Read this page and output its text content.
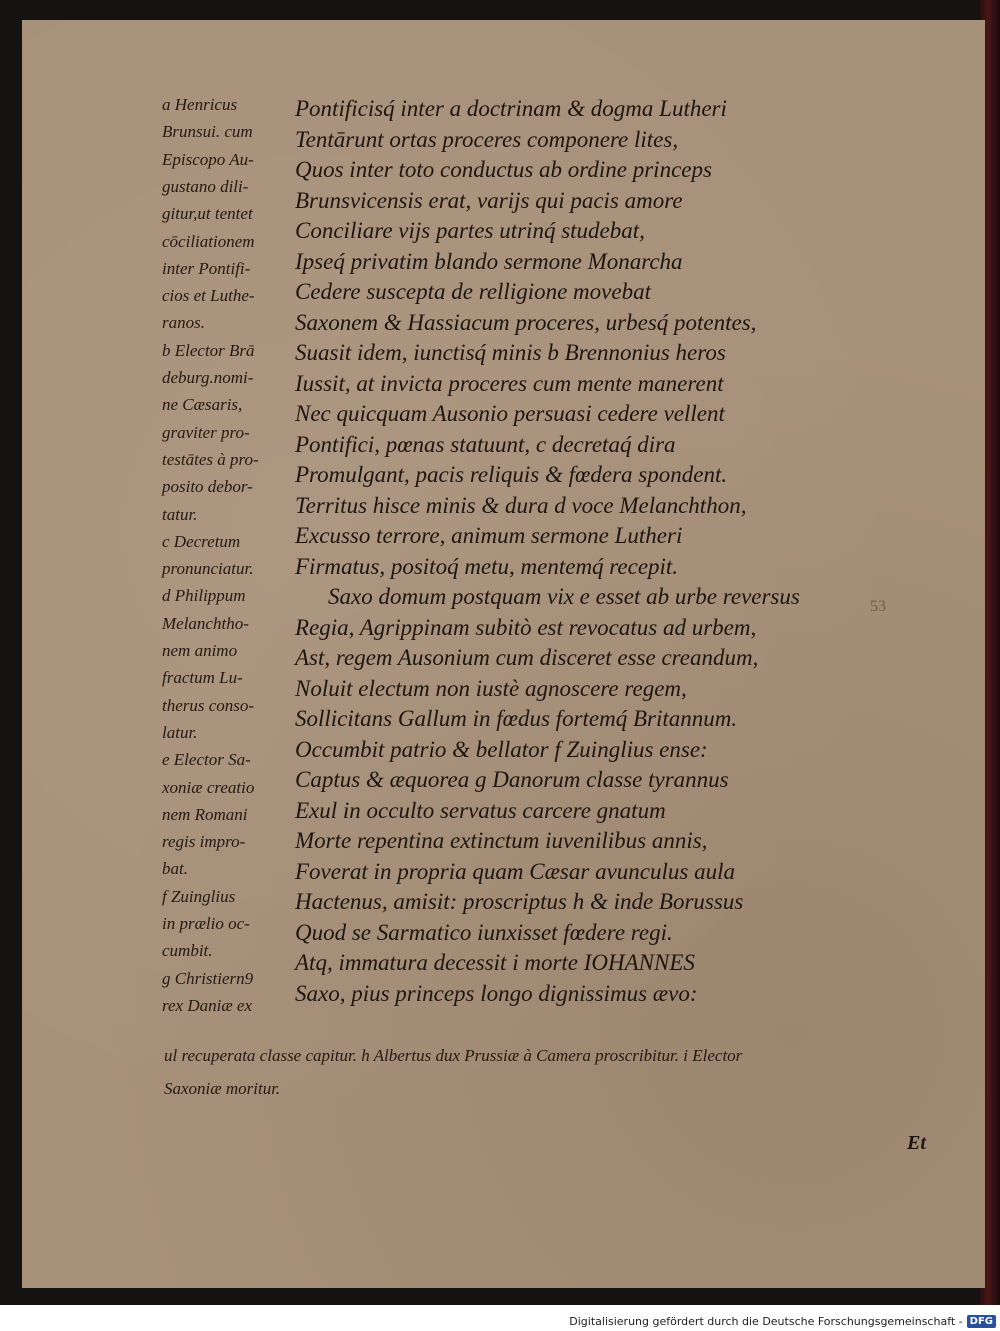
a Henricus
Brunsui. cum
Episcopo Au-
gustano dili-
gitur,ut tentet
cōciliationem
inter Pontifi-
cios et Luthe-
ranos.
b Elector Brā
deburg.nomi-
ne Cæsaris,
graviter pro-
testātes à pro-
posito debor-
tatur.
c Decretum
pronunciatur.
d Philippum
Melanchtho-
nem animo
fractum Lu-
therus conso-
latur.
e Elector Sa-
xoniæ creatio
nem Romani
regis impro-
bat.
f Zuinglius
in prælio oc-
cumbit.
g Christiern9
rex Daniæ ex
Pontificisq́ inter a doctrinam & dogma Lutheri
Tentārunt ortas proceres componere lites,
Quos inter toto conductus ab ordine princeps
Brunsvicensis erat, varijs qui pacis amore
Conciliare vijs partes utrinq́ studebat,
Ipseq́ privatim blando sermone Monarcha
Cedere suscepta de relligione movebat
Saxonem & Hassiacum proceres, urbesq́ potentes,
Suasit idem, iunctisq́ minis b Brennonius heros
Iussit, at invicta proceres cum mente manerent
Nec quicquam Ausonio persuasi cedere vellent
Pontifici, pœnas statuunt, c decretaq́ dira
Promulgant, pacis reliquis & fœdera spondent.
Territus hisce minis & dura d voce Melanchthon,
Excusso terrore, animum sermone Lutheri
Firmatus, positoq́ metu, mentemq́ recepit.
Saxo domum postquam vix e esset ab urbe reversus
Regia, Agrippinam subitò est revocatus ad urbem,
Ast, regem Ausonium cum disceret esse creandum,
Noluit electum non iustè agnoscere regem,
Sollicitans Gallum in fœdus fortemq́ Britannum.
Occumbit patrio & bellator f Zuinglius ense:
Captus & æquorea g Danorum classe tyrannus
Exul in occulto servatus carcere gnatum
Morte repentina extinctum iuvenilibus annis,
Foverat in propria quam Cæsar avunculus aula
Hactenus, amisit: proscriptus h & inde Borussus
Quod se Sarmatico iunxisset fœdere regi.
Atq, immatura decessit i morte IOHANNES
Saxo, pius princeps longo dignissimus ævo:
ul recuperata classe capitur. h Albertus dux Prussiæ à Camera proscribitur. i Elector
Saxoniæ moritur.
53
Et
Digitalisierung gefördert durch die Deutsche Forschungsgemeinschaft - DFG
